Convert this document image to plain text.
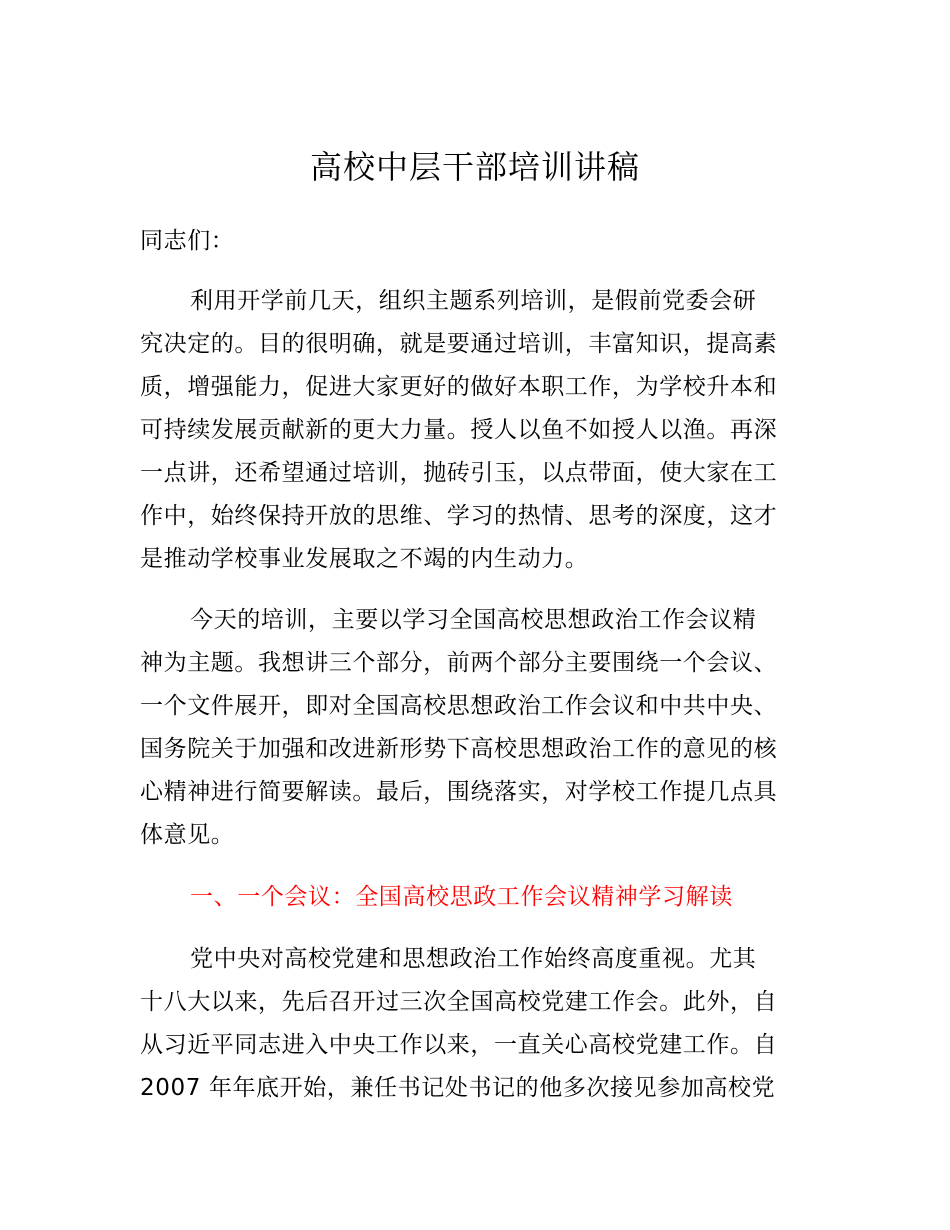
高校中层干部培训讲稿
同志们：
利用开学前几天，组织主题系列培训，是假前党委会研
究决定的。目的很明确，就是要通过培训，丰富知识，提高素
质，增强能力，促进大家更好的做好本职工作，为学校升本和
可持续发展贡献新的更大力量。授人以鱼不如授人以渔。再深
一点讲，还希望通过培训，抛砖引玉，以点带面，使大家在工
作中，始终保持开放的思维、学习的热情、思考的深度，这才
是推动学校事业发展取之不竭的内生动力。
今天的培训，主要以学习全国高校思想政治工作会议精
神为主题。我想讲三个部分，前两个部分主要围绕一个会议、
一个文件展开，即对全国高校思想政治工作会议和中共中央、
国务院关于加强和改进新形势下高校思想政治工作的意见的核
心精神进行简要解读。最后，围绕落实，对学校工作提几点具
体意见。
一、一个会议：全国高校思政工作会议精神学习解读
党中央对高校党建和思想政治工作始终高度重视。尤其
十八大以来，先后召开过三次全国高校党建工作会。此外，自
从习近平同志进入中央工作以来，一直关心高校党建工作。自
2007 年年底开始，兼任书记处书记的他多次接见参加高校党
